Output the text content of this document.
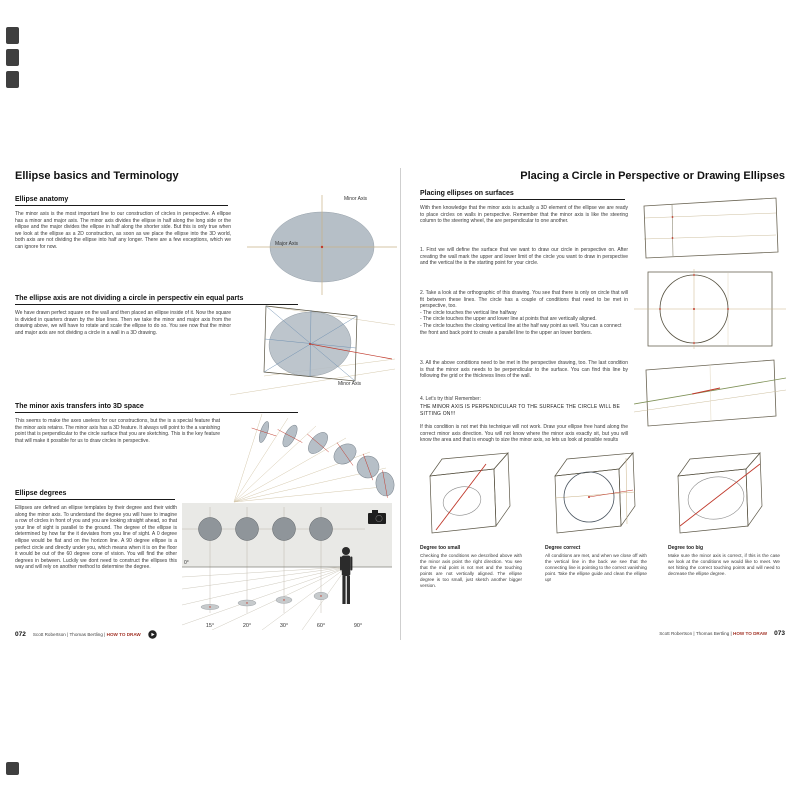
Ellipse basics and Terminology
Ellipse anatomy
The minor axis is the most important line to our construction of circles in perspective. A ellipse has a minor and major axis. The minor axis divides the ellipse in half along the long side or the ellipse and the major divides the ellipse in half along the shorter side. But this is only true when we look at the ellipse as a 2D construction, as soon as we place the ellipse into the 3D world, both axis are not dividing the ellipse into half any longer. There are a few exceptions, which we can ignore for now.
Minor Axis
Major Axis
The ellipse axis are not dividing a circle in perspectiv ein equal parts
We have drawn perfect square on the wall and then placed an ellipse inside of it. Now the square is divided in quarters drawn by the blue lines. Then we take the minor and major axis from the drawing above, we will have to rotate and scale the ellipse to do so. You see now that the minor and major axis are not dividing a circle in a wall in a 3D drawing.
Minor Axis
The minor axis transfers into 3D space
This seems to make the axes useless for our constructions, but the is a special feature that the minor axis retains. The minor axis has a 3D feature. It always will point to the a vanishing point that is perpendicular to the circle surface that you are sketching. This is the key feature that will make it possible for us to draw circles in perspective.
Ellipse degrees
Ellipses are defined an ellipse templates by their degree and their width along the minor axis. To understand the degree you will have to imagine a row of circles in front of you and you are looking straight ahead, so that your line of sight is parallel to the ground. The degree of the ellipse is determined by how far the it deviates from you line of sight. A 0 degree ellipse would be flat and on the horizon line. A 90 degree ellipse is a perfect circle and directly under you, which means when it is on the floor it would be out of the 60 degree cone of vision. You will find the other degrees in between. Luckily we dont need to construct the ellipses this way and will rely on another method to determine the degree.
0°
15°	20°	30°	60°	90°
072 Scott Robertson | Thomas Bertling | HOW TO DRAW
Placing a Circle in Perspective or Drawing Ellipses
Placing ellipses on surfaces
With then knowledge that the minor axis is actually a 3D element of the ellipse we are ready to place circles on walls in perspective. Remember that the minor axis is like the steering column to the steering wheel, the are perpendicular to one another.
1. First we will define the surface that we want to draw our circle in perspective on. After creating the wall mark the upper and lower limit of the circle you want to draw in perspective and the vertical the is the starting point for your circle.
2. Take a look at the orthographic of this drawing. You see that there is only on circle that will fit between these lines. The circle has a couple of conditions that need to be met in perspective, too.
- The circle touches the vertical line halfway
- The circle touches the upper and lower line at points that are vertically aligned.
- The circle touches the closing vertical line at the half way point as well. You can a connect the front and back point to create a parallel line to the upper an lower borders.
3. All the above conditions need to be met in the perspective drawing, too. The last condition is that the minor axis needs to be perpendicular to the surface. You can find this line by following the grid or the thickness lines of the wall.
4. Let's try this! Remember:
THE MINOR AXIS IS PERPENDICULAR TO THE SURFACE THE CIRCLE WILL BE SITTING ON!!!
If this condition is not met this technique will not work. Draw your ellipse free hand along the correct minor axis direction. You will not know where the minor axis exactly sit, but you will know the area and that is enough to size the minor axis, so lets us look at possible results
Degree too small
Checking the conditions we described above with the minor axis point the right direction. You see that the mid point is not met and the touching points are not vertically aligned. The ellipse degree is too small, just sketch another bigger version.
Degree correct
All conditions are met, and when we close off with the vertical line in the back we see that the connecting line is pointing to the correct vanishing point. Take the ellipse guide and clean the ellipse up!
Degree too big
Make sure the minor axis is correct, if this is the case we look at the conditions we would like to meet. We set hitting the correct touching points and will need to decrease the ellipse degree.
Scott Robertson | Thomas Bertling | HOW TO DRAW 073
